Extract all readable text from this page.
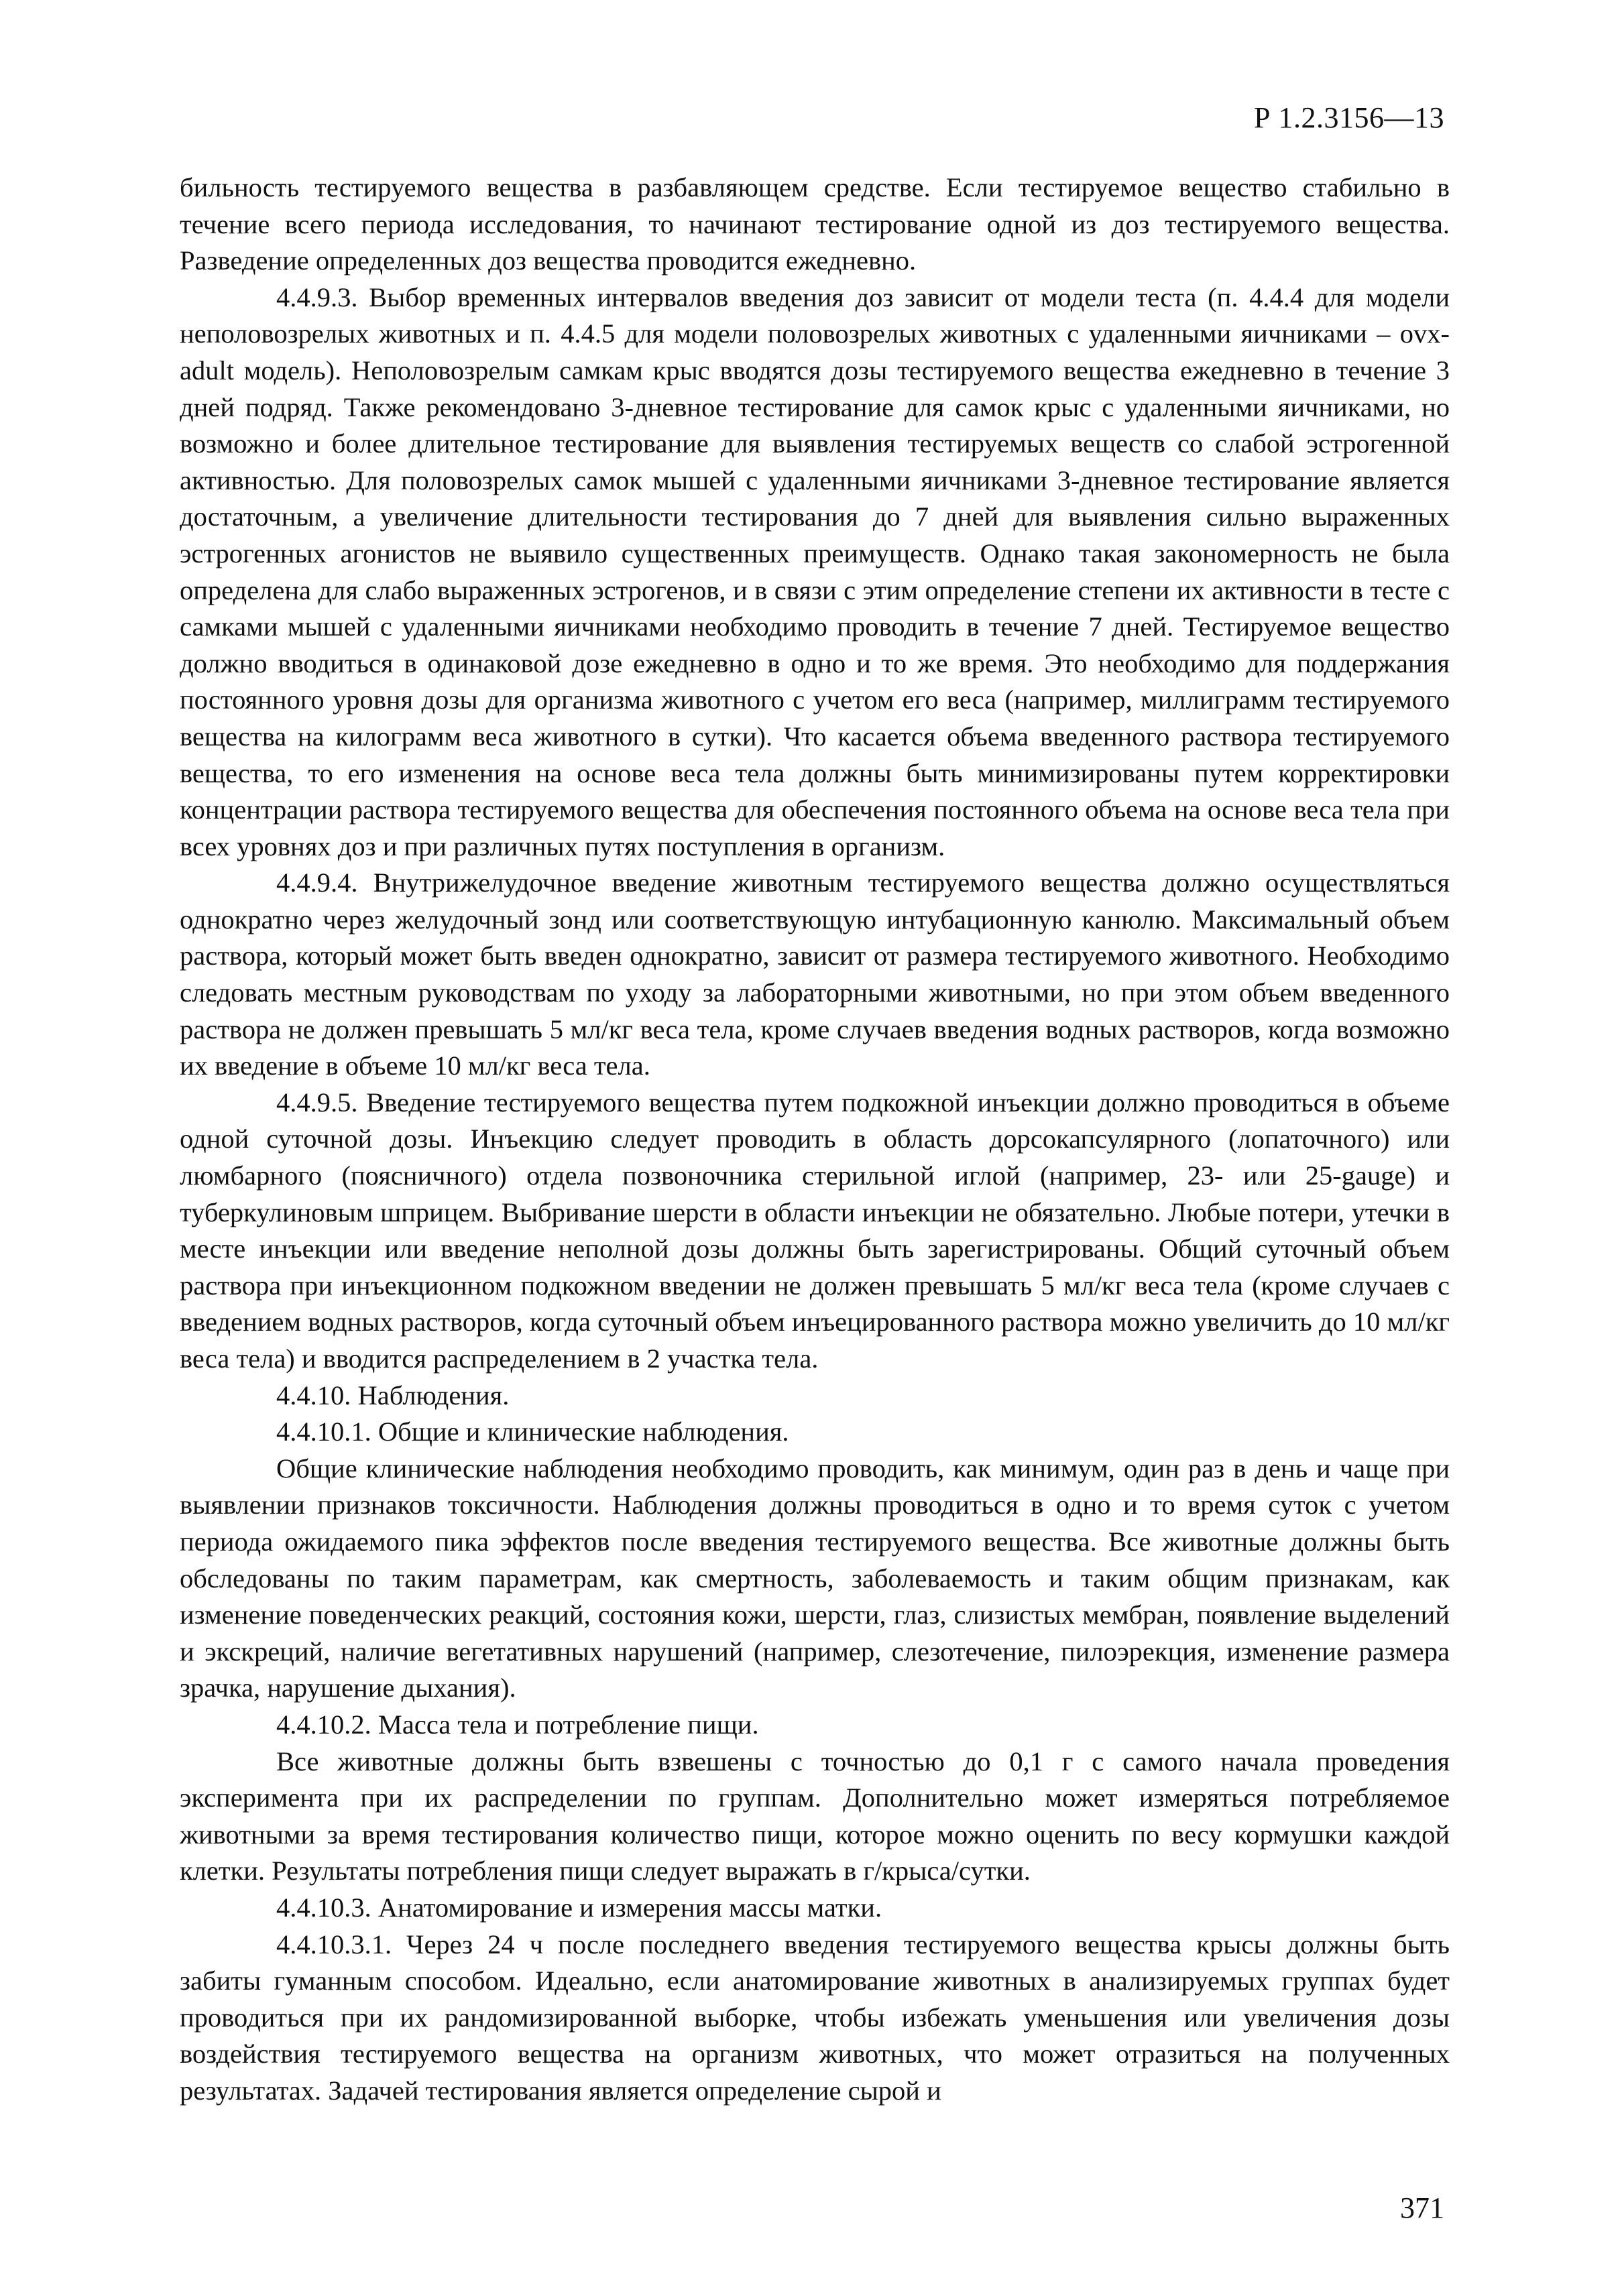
Р 1.2.3156—13

бильность тестируемого вещества в разбавляющем средстве. Если тестируемое вещество стабильно в течение всего периода исследования, то начинают тестирование одной из доз тестируемого вещества. Разведение определенных доз вещества проводится ежедневно.

4.4.9.3. Выбор временных интервалов введения доз зависит от модели теста (п. 4.4.4 для модели неполовозрелых животных и п. 4.4.5 для модели половозрелых животных с удаленными яичниками – ovx-adult модель). Неполовозрелым самкам крыс вводятся дозы тестируемого вещества ежедневно в течение 3 дней подряд. Также рекомендовано 3-дневное тестирование для самок крыс с удаленными яичниками, но возможно и более длительное тестирование для выявления тестируемых веществ со слабой эстрогенной активностью. Для половозрелых самок мышей с удаленными яичниками 3-дневное тестирование является достаточным, а увеличение длительности тестирования до 7 дней для выявления сильно выраженных эстрогенных агонистов не выявило существенных преимуществ. Однако такая закономерность не была определена для слабо выраженных эстрогенов, и в связи с этим определение степени их активности в тесте с самками мышей с удаленными яичниками необходимо проводить в течение 7 дней. Тестируемое вещество должно вводиться в одинаковой дозе ежедневно в одно и то же время. Это необходимо для поддержания постоянного уровня дозы для организма животного с учетом его веса (например, миллиграмм тестируемого вещества на килограмм веса животного в сутки). Что касается объема введенного раствора тестируемого вещества, то его изменения на основе веса тела должны быть минимизированы путем корректировки концентрации раствора тестируемого вещества для обеспечения постоянного объема на основе веса тела при всех уровнях доз и при различных путях поступления в организм.

4.4.9.4. Внутрижелудочное введение животным тестируемого вещества должно осуществляться однократно через желудочный зонд или соответствующую интубационную канюлю. Максимальный объем раствора, который может быть введен однократно, зависит от размера тестируемого животного. Необходимо следовать местным руководствам по уходу за лабораторными животными, но при этом объем введенного раствора не должен превышать 5 мл/кг веса тела, кроме случаев введения водных растворов, когда возможно их введение в объеме 10 мл/кг веса тела.

4.4.9.5. Введение тестируемого вещества путем подкожной инъекции должно проводиться в объеме одной суточной дозы. Инъекцию следует проводить в область дорсокапсулярного (лопаточного) или люмбарного (поясничного) отдела позвоночника стерильной иглой (например, 23- или 25-gauge) и туберкулиновым шприцем. Выбривание шерсти в области инъекции не обязательно. Любые потери, утечки в месте инъекции или введение неполной дозы должны быть зарегистрированы. Общий суточный объем раствора при инъекционном подкожном введении не должен превышать 5 мл/кг веса тела (кроме случаев с введением водных растворов, когда суточный объем инъецированного раствора можно увеличить до 10 мл/кг веса тела) и вводится распределением в 2 участка тела.

4.4.10. Наблюдения.

4.4.10.1. Общие и клинические наблюдения.

Общие клинические наблюдения необходимо проводить, как минимум, один раз в день и чаще при выявлении признаков токсичности. Наблюдения должны проводиться в одно и то время суток с учетом периода ожидаемого пика эффектов после введения тестируемого вещества. Все животные должны быть обследованы по таким параметрам, как смертность, заболеваемость и таким общим признакам, как изменение поведенческих реакций, состояния кожи, шерсти, глаз, слизистых мембран, появление выделений и экскреций, наличие вегетативных нарушений (например, слезотечение, пилоэрекция, изменение размера зрачка, нарушение дыхания).

4.4.10.2. Масса тела и потребление пищи.

Все животные должны быть взвешены с точностью до 0,1 г с самого начала проведения эксперимента при их распределении по группам. Дополнительно может измеряться потребляемое животными за время тестирования количество пищи, которое можно оценить по весу кормушки каждой клетки. Результаты потребления пищи следует выражать в г/крыса/сутки.

4.4.10.3. Анатомирование и измерения массы матки.

4.4.10.3.1. Через 24 ч после последнего введения тестируемого вещества крысы должны быть забиты гуманным способом. Идеально, если анатомирование животных в анализируемых группах будет проводиться при их рандомизированной выборке, чтобы избежать уменьшения или увеличения дозы воздействия тестируемого вещества на организм животных, что может отразиться на полученных результатах. Задачей тестирования является определение сырой и

371
